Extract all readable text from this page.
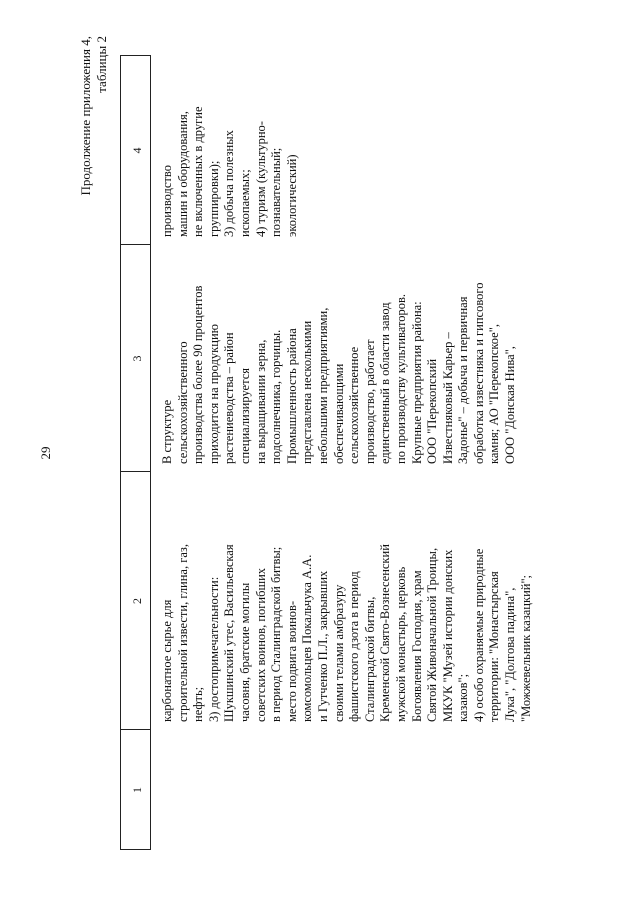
29
Продолжение приложения 4, таблицы 2
1
2
3
4
карбонатное сырье для
строительной извести, глина, газ,
нефть;
3) достопримечательности:
Шукшинский утес, Васильевская
часовня, братские могилы
советских воинов, погибших
в период Сталинградской битвы;
место подвига воинов-
комсомольцев Покальчука А.А.
и Гутченко П.Л., закрывших
своими телами амбразуру
фашистского дзота в период
Сталинградской битвы,
Кременской Свято-Вознесенский
мужской монастырь, церковь
Богоявления Господня, храм
Святой Живоначальной Троицы,
МКУК "Музей истории донских
казаков";
4) особо охраняемые природные
территории: "Монастырская
Лука", "Долгова падина",
"Можжевельник казацкий";
В структуре
сельскохозяйственного
производства более 90 процентов
приходится на продукцию
растениеводства – район
специализируется
на выращивании зерна,
подсолнечника, горчицы.
Промышленность района
представлена несколькими
небольшими предприятиями,
обеспечивающими
сельскохозяйственное
производство, работает
единственный в области завод
по производству культиваторов.
Крупные предприятия района:
ООО "Перекопский
Известняковый Карьер –
Задонье" – добыча и первичная
обработка известняка и гипсового
камня; АО "Перекопское",
ООО "Донская Нива",
производство
машин и оборудования,
не включенных в другие
группировки);
3) добыча полезных
ископаемых;
4) туризм (культурно-
познавательный;
экологический)
